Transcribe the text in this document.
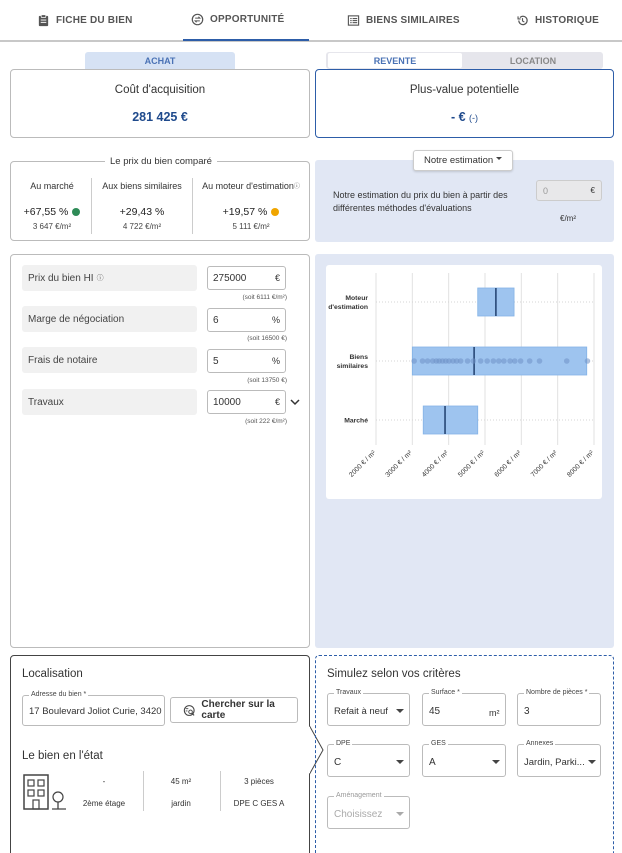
FICHE DU BIEN	OPPORTUNITÉ	BIENS SIMILAIRES	HISTORIQUE
ACHAT	REVENTE	LOCATION
Coût d'acquisition
281 425 €
Plus-value potentielle
- € (-)
Le prix du bien comparé
Au marché
+67,55 %
3 647 €/m²
Aux biens similaires
+29,43 %
4 722 €/m²
Au moteur d'estimationⓘ
+19,57 %
5 111 €/m²
Notre estimation
Notre estimation du prix du bien à partir des différentes méthodes d'évaluations
0	€
€/m²
Prix du bien HI ⓘ	275000	€
(soit 6111 €/m²)
Marge de négociation	6	%
(soit 16500 €)
Frais de notaire	5	%
(soit 13750 €)
Travaux	10000	€
(soit 222 €/m²)
Moteur d'estimation
Biens similaires
Marché
2000 € / m² 3000 € / m² 4000 € / m² 5000 € / m² 6000 € / m² 7000 € / m² 8000 € / m²
Localisation
Adresse du bien *
17 Boulevard Joliot Curie, 3420
Chercher sur la carte
Le bien en l'état
-
2ème étage
45 m²
jardin
3 pièces
DPE C GES A
Simulez selon vos critères
Travaux
Refait à neuf
Surface *
45	m²
Nombre de pièces *
3
DPE
C
GES
A
Annexes
Jardin, Parki...
Aménagement
Choisissez
